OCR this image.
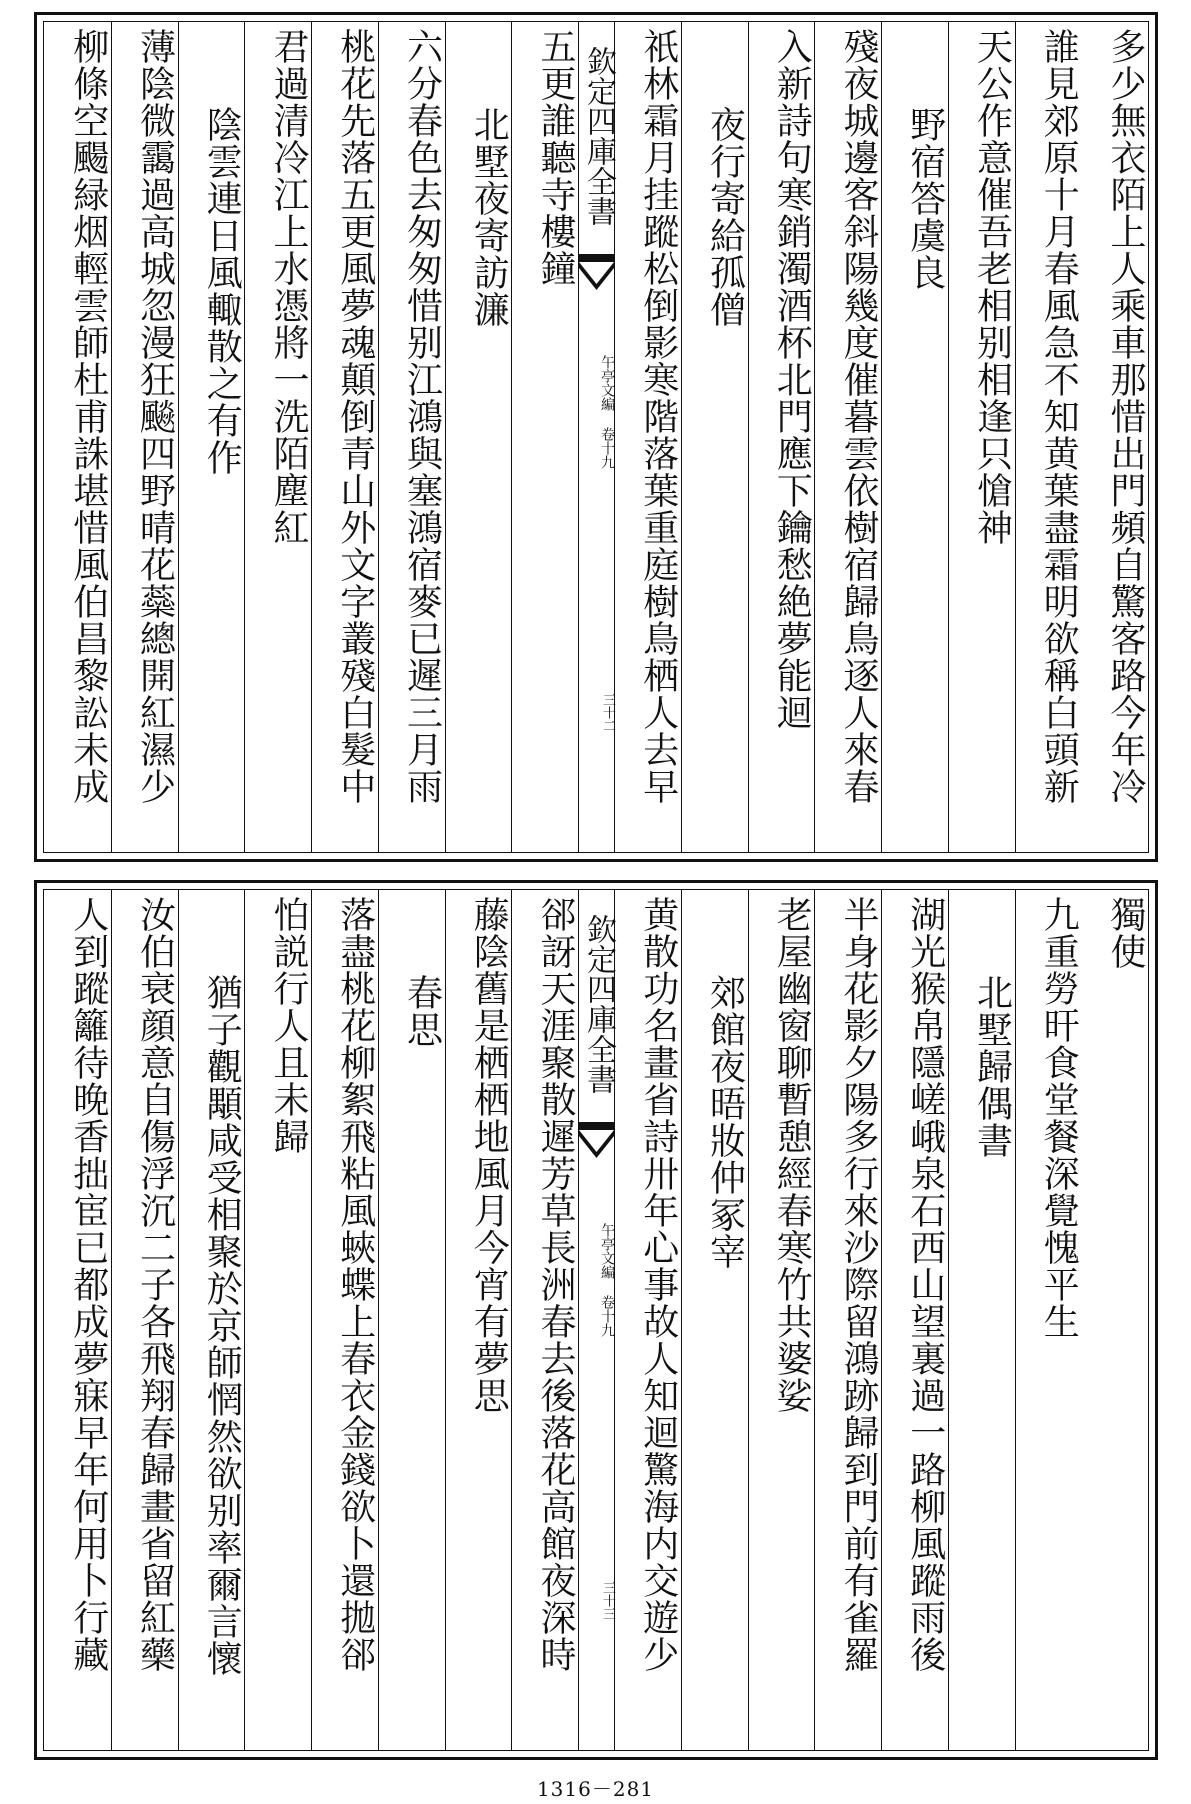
多少無衣陌上人乘車那惜出門頻自驚客路今年冷
誰見郊原十月春風急不知黄葉盡霜明欲稱白頭新
天公作意催吾老相别相逢只愴神
野宿答虞良
殘夜城邊客斜陽幾度催暮雲依樹宿歸鳥逐人來春
入新詩句寒銷濁酒杯北門應下鑰愁絶夢能迴
夜行寄給孤僧
祇林霜月挂蹤松倒影寒階落葉重庭樹鳥栖人去早
欽定四庫全書
午亭文編 卷十九
三十二
五更誰聽寺樓鐘
北墅夜寄訪濂
六分春色去匆匆惜别江鴻與塞鴻宿麥已遲三月雨
桃花先落五更風夢魂顛倒青山外文字叢殘白髮中
君過清冷江上水憑將一洗陌塵紅
陰雲連日風輙散之有作
薄陰微靄過高城忽漫狂飈四野晴花蘂總開紅濕少
柳條空颺緑烟輕雲師杜甫誅堪惜風伯昌黎訟未成
獨使
九重勞旰食堂餐深覺愧平生
北墅歸偶書
湖光猴帛隱嵯峨泉石西山望裏過一路柳風蹤雨後
半身花影夕陽多行來沙際留鴻跡歸到門前有雀羅
老屋幽窗聊暫憩經春寒竹共婆娑
郊館夜晤妝仲冢宰
黄散功名畫省詩卅年心事故人知迴驚海内交遊少
欽定四庫全書
午亭文編 卷十九
三十三
郤訝天涯聚散遲芳草長洲春去後落花高館夜深時
藤陰舊是栖栖地風月今宵有夢思
春思
落盡桃花柳絮飛粘風蛺蝶上春衣金錢欲卜還拋郤
怕説行人且未歸
猶子觀顒咸受相聚於京師惘然欲别率爾言懷
汝伯衰顔意自傷浮沉二子各飛翔春歸畫省留紅藥
人到蹤籬待晚香拙宦已都成夢寐早年何用卜行藏
1316－281
